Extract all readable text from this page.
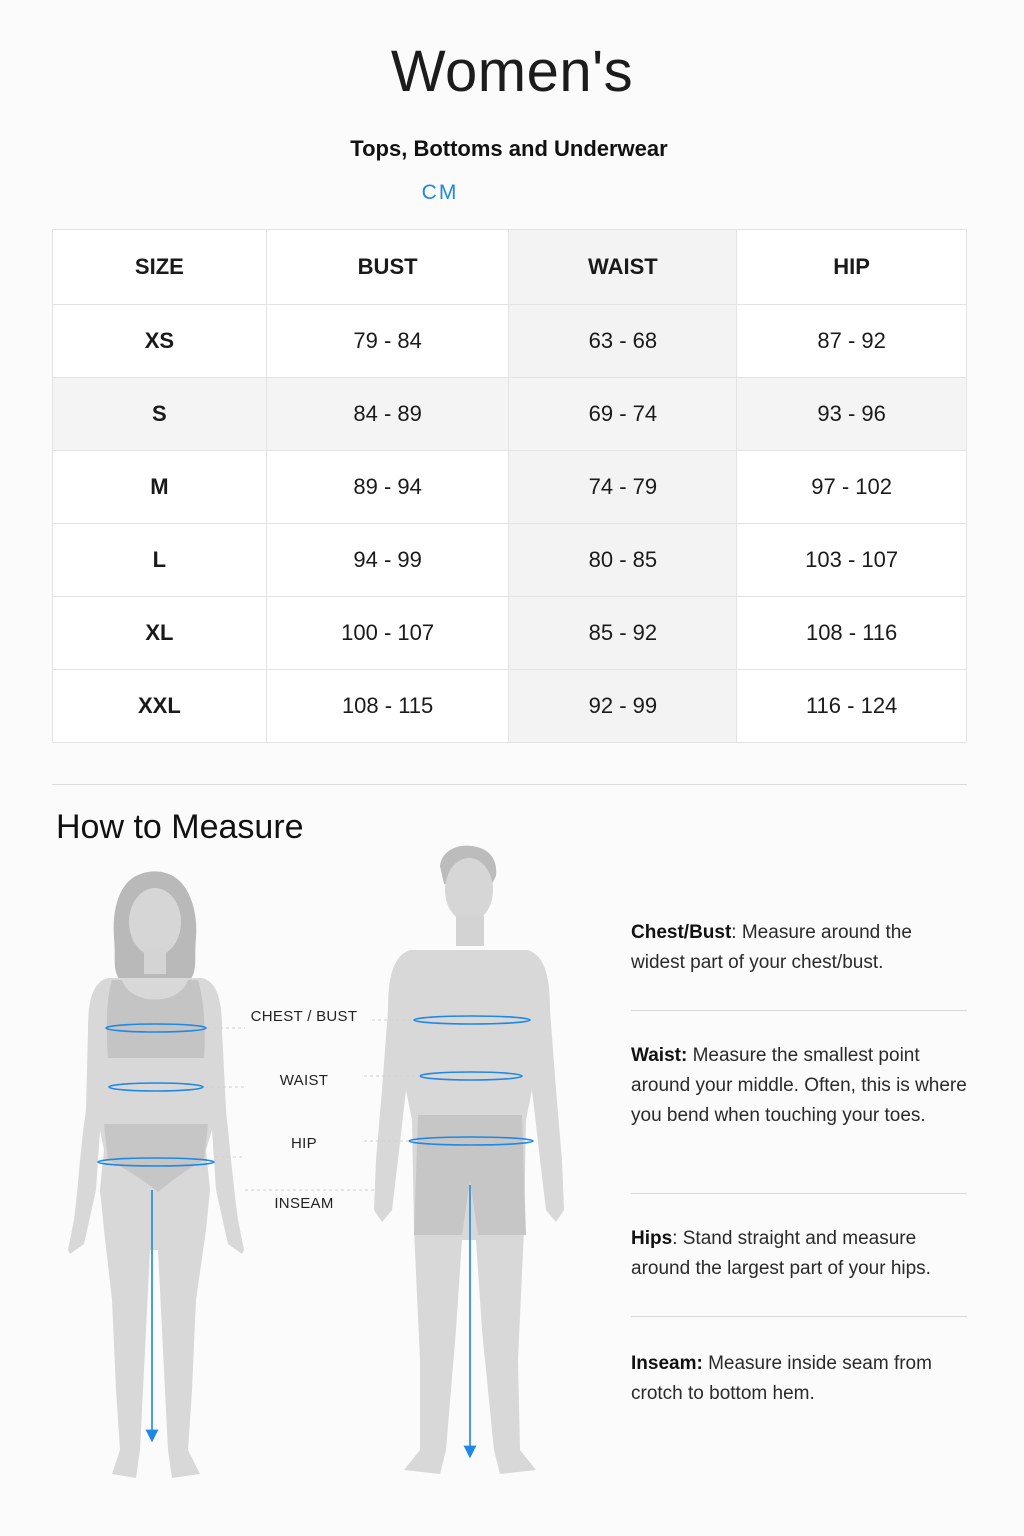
Women's
Tops, Bottoms and Underwear
CM
SIZE	BUST	WAIST	HIP
XS	79 - 84	63 - 68	87 - 92
S	84 - 89	69 - 74	93 - 96
M	89 - 94	74 - 79	97 - 102
L	94 - 99	80 - 85	103 - 107
XL	100 - 107	85 - 92	108 - 116
XXL	108 - 115	92 - 99	116 - 124
How to Measure
CHEST / BUST
WAIST
HIP
INSEAM
Chest/Bust: Measure around the widest part of your chest/bust.
Waist: Measure the smallest point around your middle. Often, this is where you bend when touching your toes.
Hips: Stand straight and measure around the largest part of your hips.
Inseam: Measure inside seam from crotch to bottom hem.
